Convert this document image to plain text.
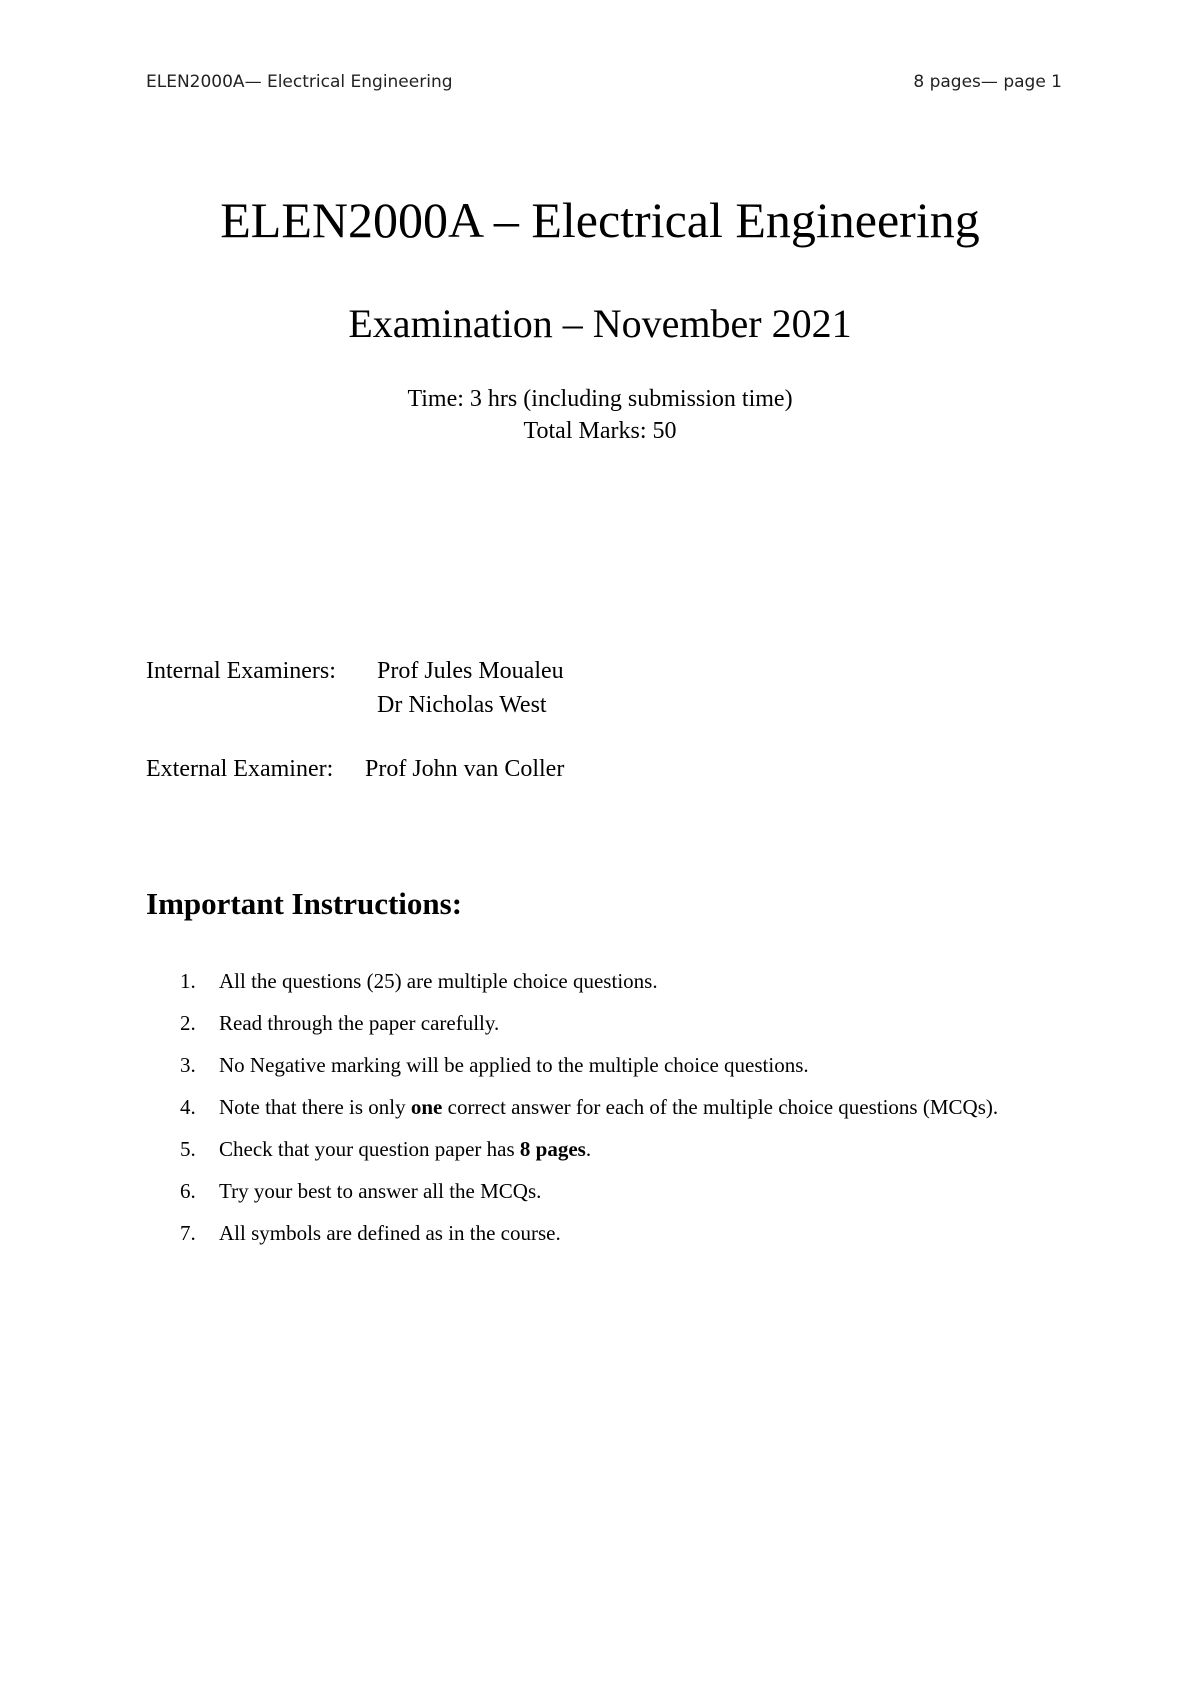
ELEN2000A— Electrical Engineering	8 pages— page 1
ELEN2000A – Electrical Engineering
Examination – November 2021
Time: 3 hrs (including submission time)
Total Marks: 50
Internal Examiners: Prof Jules Moualeu
Dr Nicholas West
External Examiner: Prof John van Coller
Important Instructions:
1. All the questions (25) are multiple choice questions.
2. Read through the paper carefully.
3. No Negative marking will be applied to the multiple choice questions.
4. Note that there is only one correct answer for each of the multiple choice questions (MCQs).
5. Check that your question paper has 8 pages.
6. Try your best to answer all the MCQs.
7. All symbols are defined as in the course.
